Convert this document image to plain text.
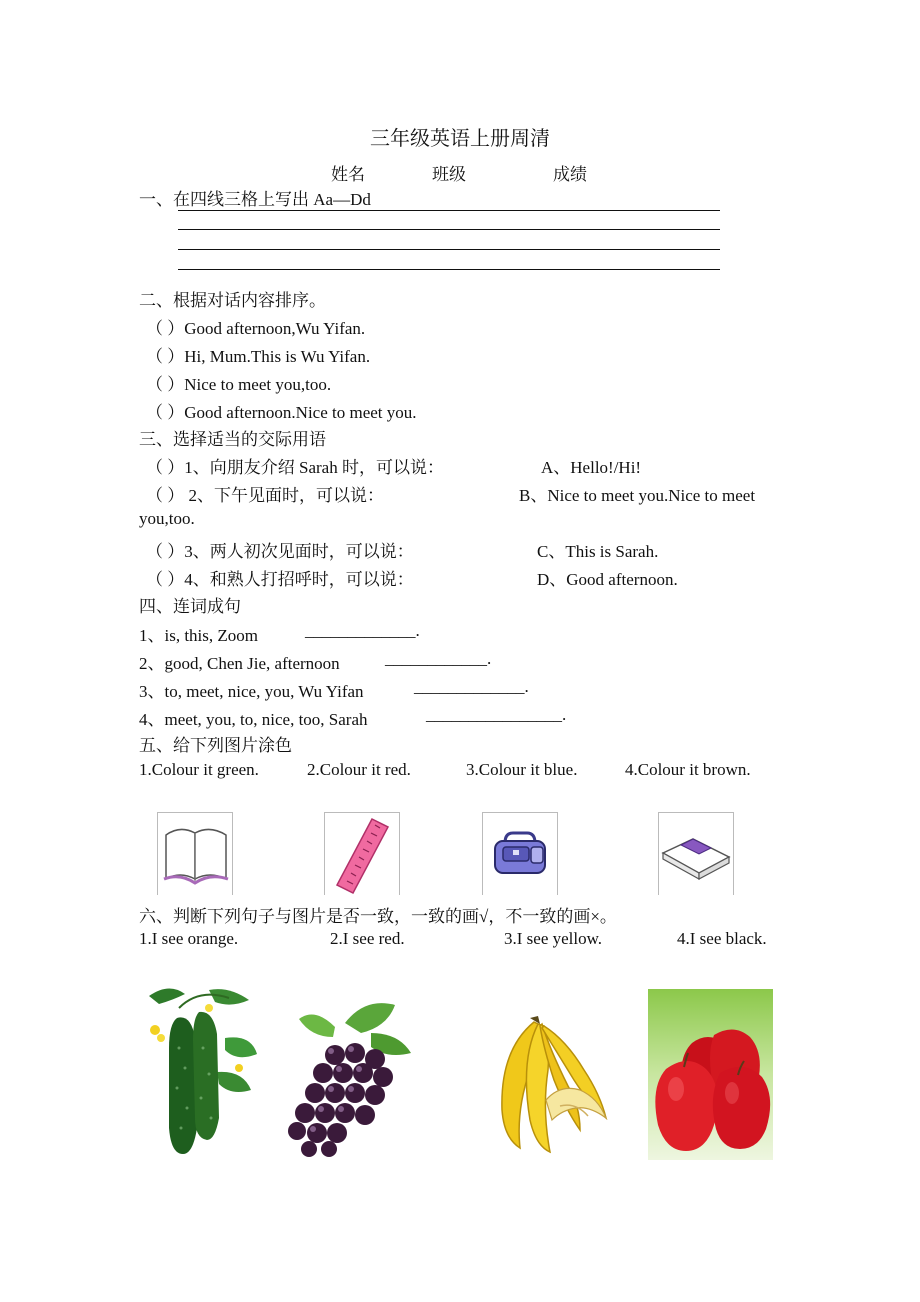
三年级英语上册周清
姓名	班级	成绩
一、在四线三格上写出 Aa—Dd
二、根据对话内容排序。
（ ）Good afternoon,Wu Yifan.
（ ）Hi, Mum.This is Wu Yifan.
（ ）Nice to meet you,too.
（ ）Good afternoon.Nice to meet you.
三、选择适当的交际用语
（ ）1、向朋友介绍 Sarah 时，可以说：	A、Hello!/Hi!
（ ） 2、下午见面时，可以说：	B、Nice to meet you.Nice to meet
you,too.
（ ）3、两人初次见面时，可以说：	C、This is Sarah.
（ ）4、和熟人打招呼时，可以说：	D、Good afternoon.
四、连词成句
1、is, this, Zoom	_____________.
2、good, Chen Jie, afternoon	____________.
3、to, meet, nice, you, Wu Yifan	_____________.
4、meet, you, to, nice, too, Sarah	________________.
五、给下列图片涂色
1.Colour it green.	2.Colour it red.	3.Colour it blue.	4.Colour it brown.
六、判断下列句子与图片是否一致，一致的画√，不一致的画×。
1.I see orange.	2.I see red.	3.I see yellow.	4.I see black.
